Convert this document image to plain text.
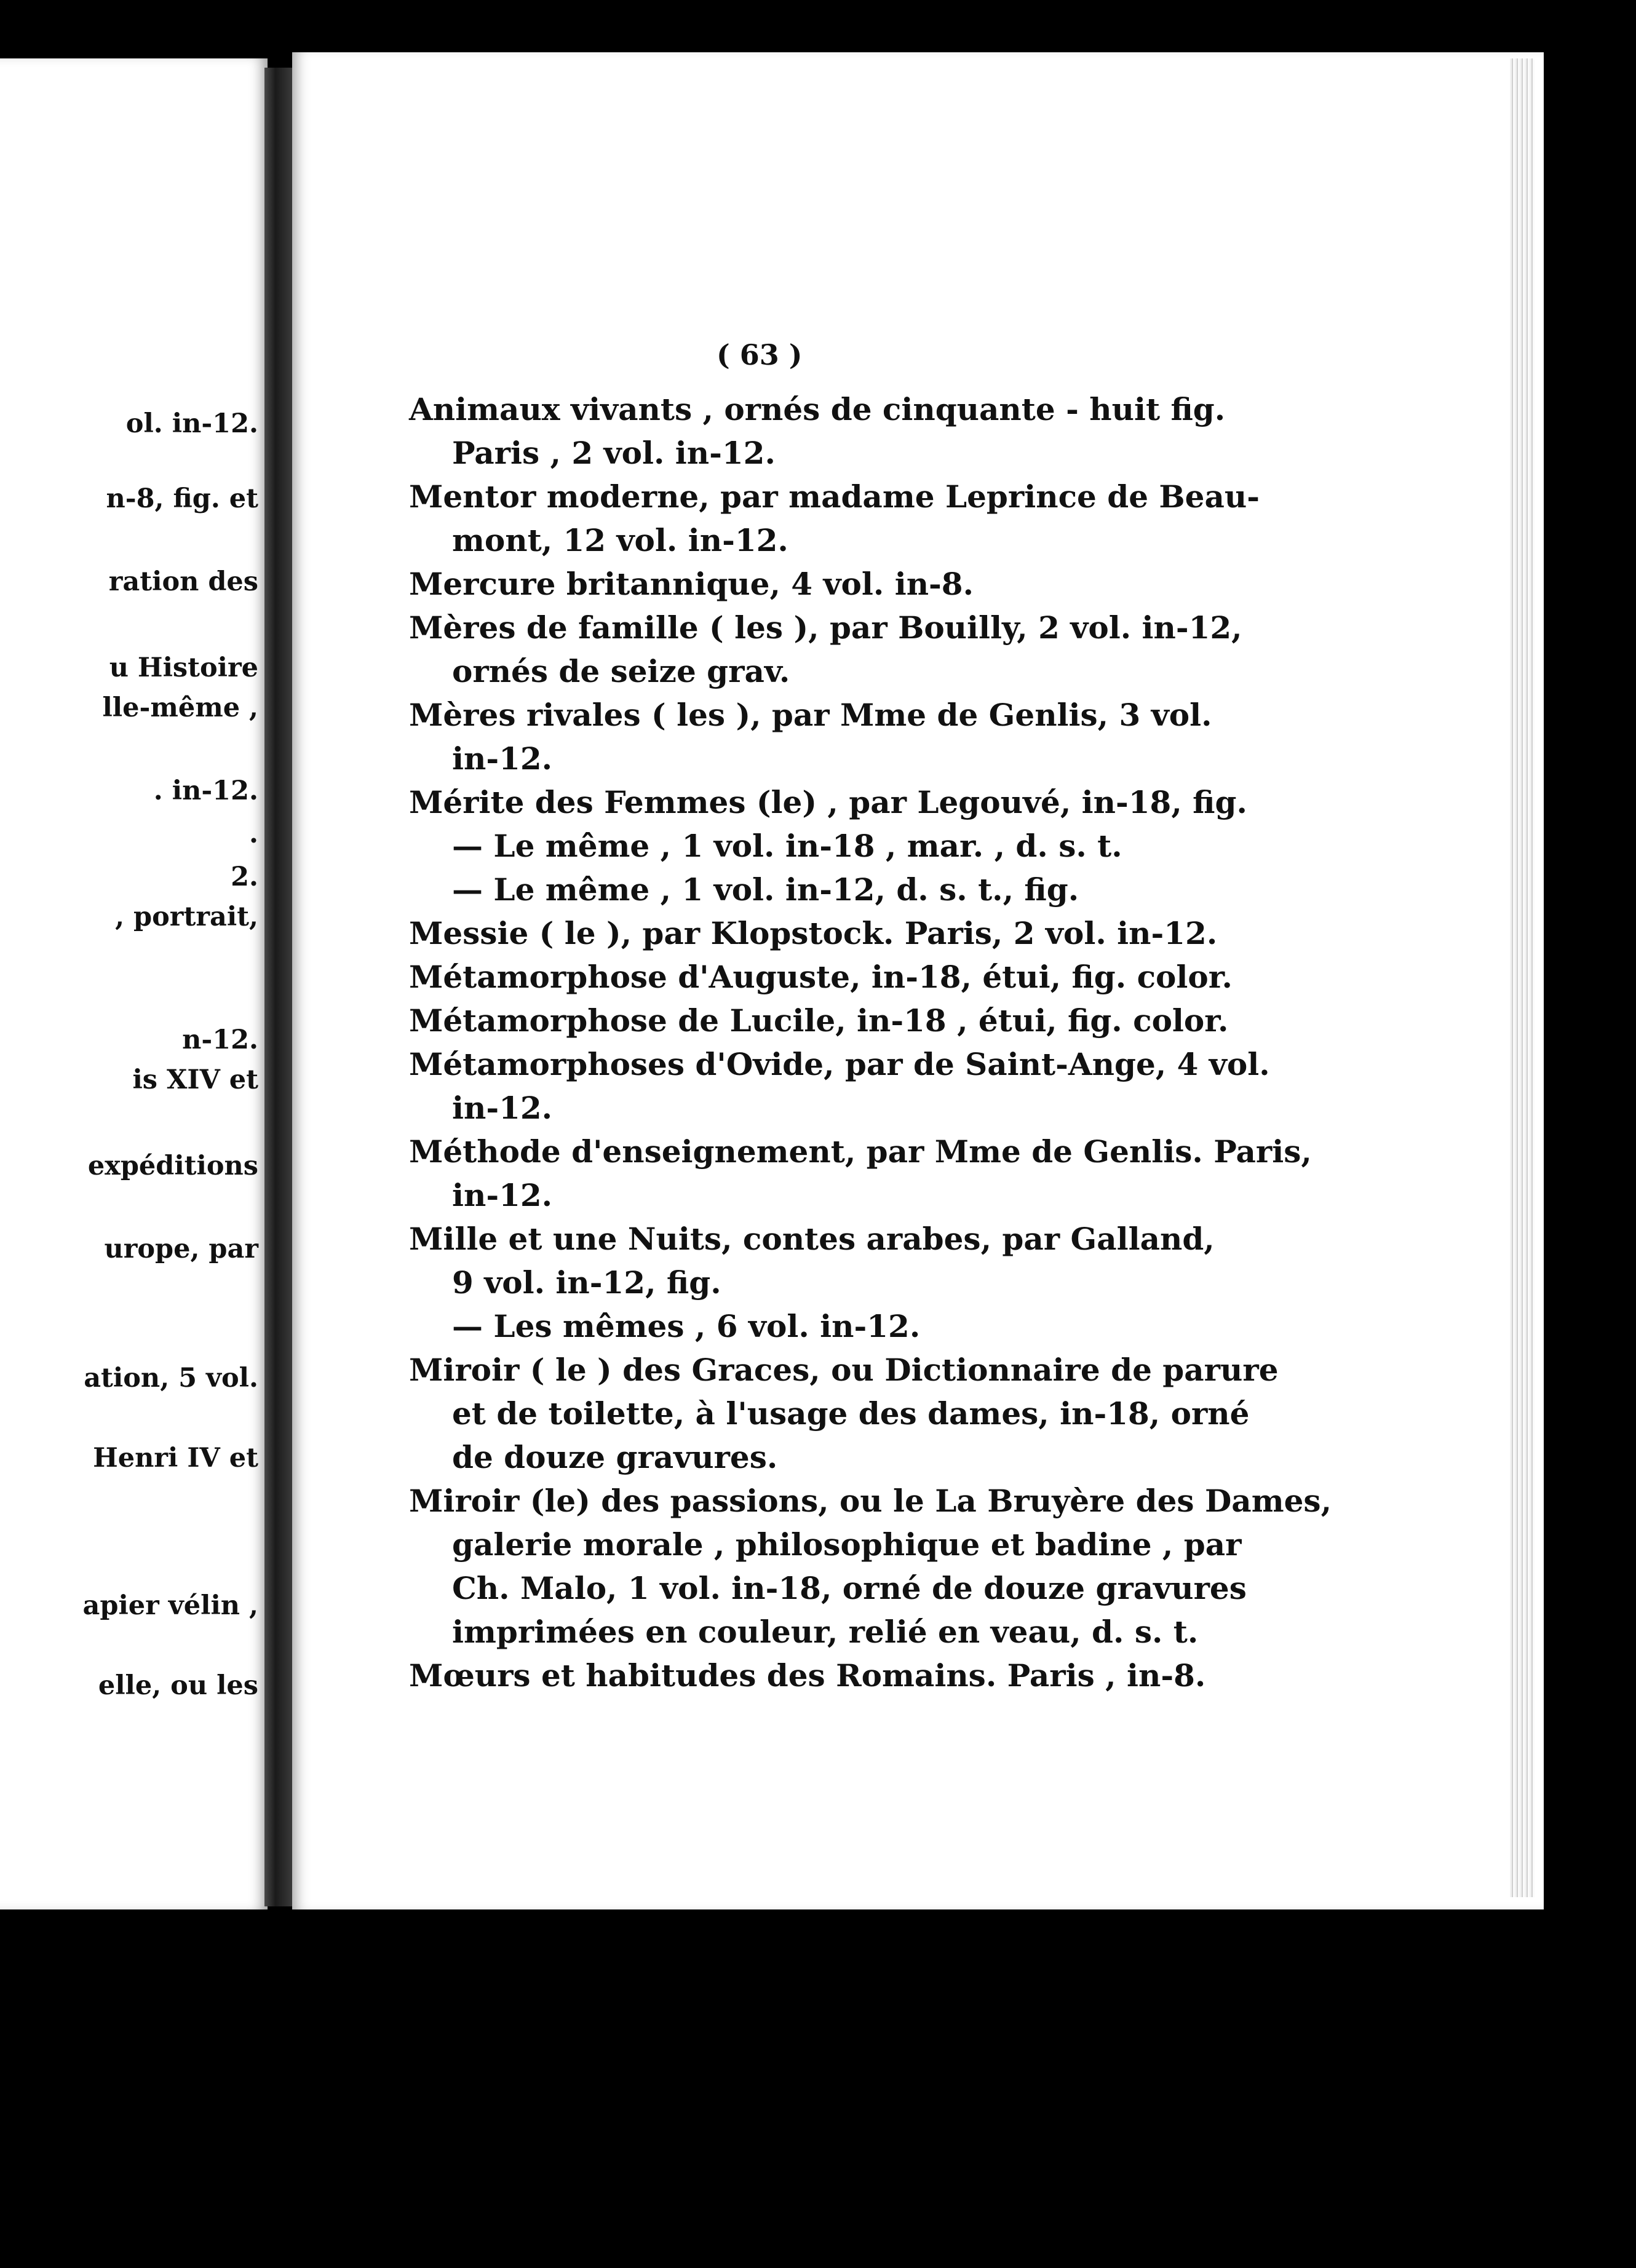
ol. in-12.
n-8, fig. et
ration des
u Histoire
lle-même ,
. in-12.
.
2.
, portrait,
n-12.
is XIV et
expéditions
urope, par
ation, 5 vol.
Henri IV et
apier vélin ,
elle, ou les
( 63 )
Animaux vivants , ornés de cinquante - huit fig.
Paris , 2 vol. in-12.
Mentor moderne, par madame Leprince de Beau-
mont, 12 vol. in-12.
Mercure britannique, 4 vol. in-8.
Mères de famille ( les ), par Bouilly, 2 vol. in-12,
ornés de seize grav.
Mères rivales ( les ), par Mme de Genlis, 3 vol.
in-12.
Mérite des Femmes (le) , par Legouvé, in-18, fig.
— Le même , 1 vol. in-18 , mar. , d. s. t.
— Le même , 1 vol. in-12, d. s. t., fig.
Messie ( le ), par Klopstock. Paris, 2 vol. in-12.
Métamorphose d'Auguste, in-18, étui, fig. color.
Métamorphose de Lucile, in-18 , étui, fig. color.
Métamorphoses d'Ovide, par de Saint-Ange, 4 vol.
in-12.
Méthode d'enseignement, par Mme de Genlis. Paris,
in-12.
Mille et une Nuits, contes arabes, par Galland,
9 vol. in-12, fig.
— Les mêmes , 6 vol. in-12.
Miroir ( le ) des Graces, ou Dictionnaire de parure
et de toilette, à l'usage des dames, in-18, orné
de douze gravures.
Miroir (le) des passions, ou le La Bruyère des Dames,
galerie morale , philosophique et badine , par
Ch. Malo, 1 vol. in-18, orné de douze gravures
imprimées en couleur, relié en veau, d. s. t.
Mœurs et habitudes des Romains. Paris , in-8.
